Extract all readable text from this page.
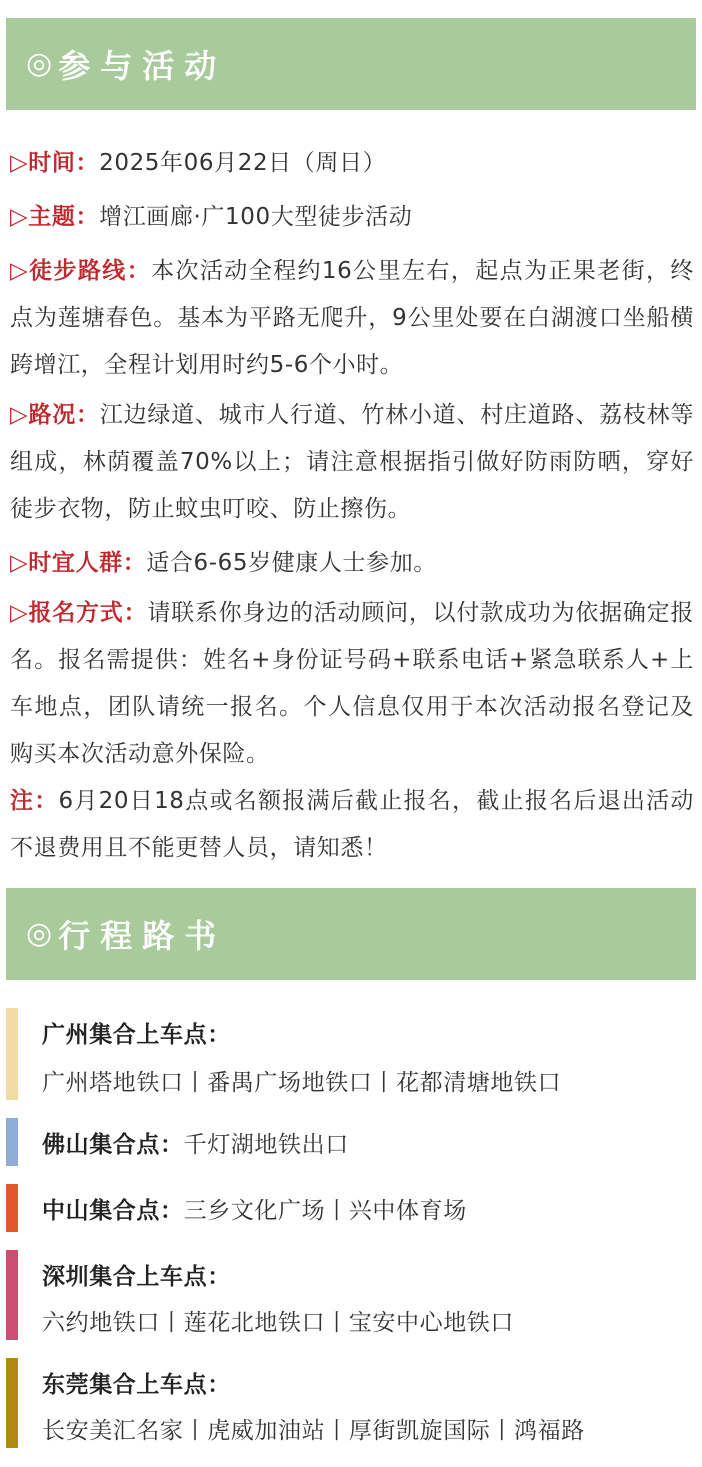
◎ 参与活动
▷时间：2025年06月22日（周日）
▷主题：增江画廊·广100大型徒步活动
▷徒步路线：本次活动全程约16公里左右，起点为正果老街，终点为莲塘春色。基本为平路无爬升，9公里处要在白湖渡口坐船横跨增江，全程计划用时约5-6个小时。
▷路况：江边绿道、城市人行道、竹林小道、村庄道路、荔枝林等组成，林荫覆盖70%以上；请注意根据指引做好防雨防晒，穿好徒步衣物，防止蚊虫叮咬、防止擦伤。
▷时宜人群：适合6-65岁健康人士参加。
▷报名方式：请联系你身边的活动顾问，以付款成功为依据确定报名。报名需提供：姓名+身份证号码+联系电话+紧急联系人+上车地点，团队请统一报名。个人信息仅用于本次活动报名登记及购买本次活动意外保险。
注：6月20日18点或名额报满后截止报名，截止报名后退出活动不退费用且不能更替人员，请知悉！
◎ 行程路书
广州集合上车点：
广州塔地铁口丨番禺广场地铁口丨花都清塘地铁口
佛山集合点：千灯湖地铁出口
中山集合点：三乡文化广场丨兴中体育场
深圳集合上车点：
六约地铁口丨莲花北地铁口丨宝安中心地铁口
东莞集合上车点：
长安美汇名家丨虎威加油站丨厚街凯旋国际丨鸿福路
